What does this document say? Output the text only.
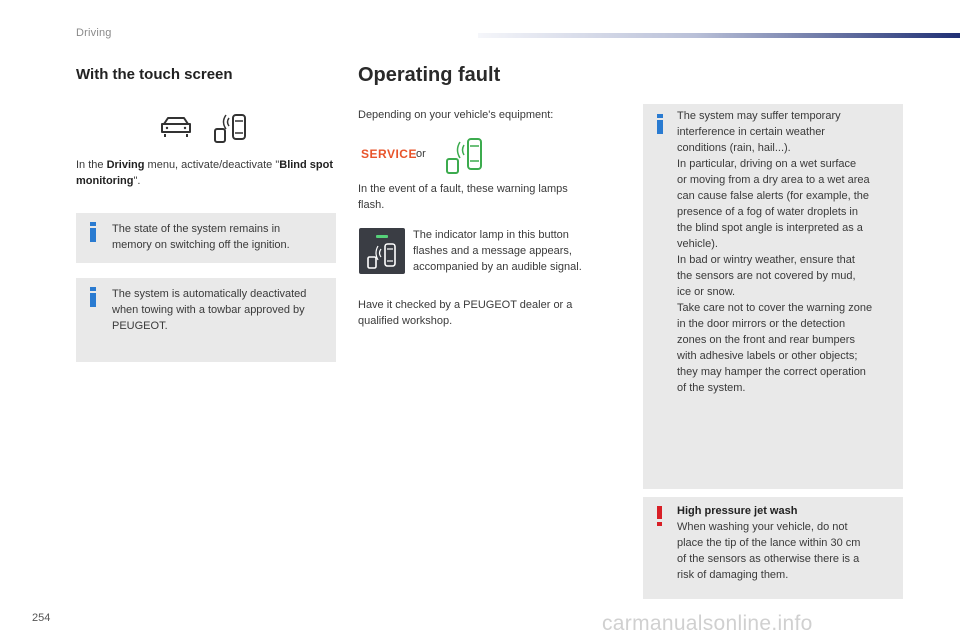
Driving
With the touch screen
In the Driving menu, activate/deactivate "Blind spot monitoring".
The state of the system remains in
memory on switching off the ignition.
The system is automatically deactivated
when towing with a towbar approved by
PEUGEOT.
Operating fault
Depending on your vehicle's equipment:
SERVICE or
In the event of a fault, these warning lamps
flash.
The indicator lamp in this button
flashes and a message appears,
accompanied by an audible signal.
Have it checked by a PEUGEOT dealer or a
qualified workshop.
The system may suffer temporary
interference in certain weather
conditions (rain, hail...).
In particular, driving on a wet surface
or moving from a dry area to a wet area
can cause false alerts (for example, the
presence of a fog of water droplets in
the blind spot angle is interpreted as a
vehicle).
In bad or wintry weather, ensure that
the sensors are not covered by mud,
ice or snow.
Take care not to cover the warning zone
in the door mirrors or the detection
zones on the front and rear bumpers
with adhesive labels or other objects;
they may hamper the correct operation
of the system.
High pressure jet wash
When washing your vehicle, do not
place the tip of the lance within 30 cm
of the sensors as otherwise there is a
risk of damaging them.
254	carmanualsonline.info
